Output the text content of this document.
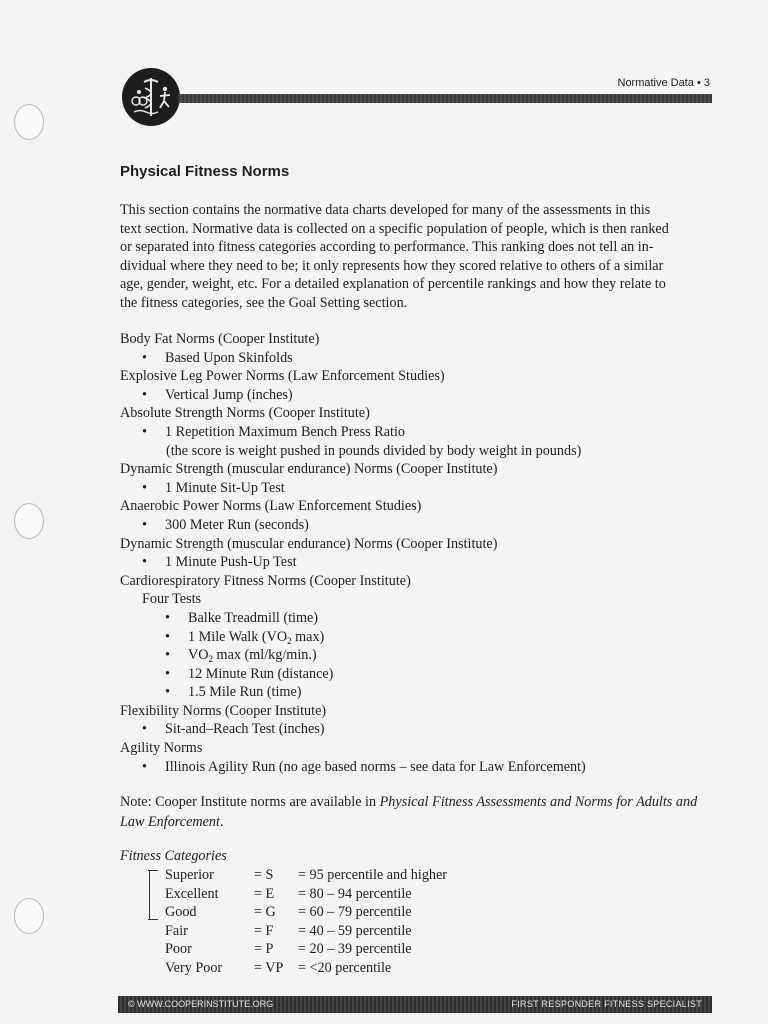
Normative Data • 3
Physical Fitness Norms
This section contains the normative data charts developed for many of the assessments in this
text section. Normative data is collected on a specific population of people, which is then ranked
or separated into fitness categories according to performance. This ranking does not tell an in-
dividual where they need to be; it only represents how they scored relative to others of a similar
age, gender, weight, etc. For a detailed explanation of percentile rankings and how they relate to
the fitness categories, see the Goal Setting section.
Body Fat Norms (Cooper Institute)
• Based Upon Skinfolds
Explosive Leg Power Norms (Law Enforcement Studies)
• Vertical Jump (inches)
Absolute Strength Norms (Cooper Institute)
• 1 Repetition Maximum Bench Press Ratio
(the score is weight pushed in pounds divided by body weight in pounds)
Dynamic Strength (muscular endurance) Norms (Cooper Institute)
• 1 Minute Sit-Up Test
Anaerobic Power Norms (Law Enforcement Studies)
• 300 Meter Run (seconds)
Dynamic Strength (muscular endurance) Norms (Cooper Institute)
• 1 Minute Push-Up Test
Cardiorespiratory Fitness Norms (Cooper Institute)
Four Tests
• Balke Treadmill (time)
• 1 Mile Walk ($VO_2$ max)
• $VO_2$ max (ml/kg/min.)
• 12 Minute Run (distance)
• 1.5 Mile Run (time)
Flexibility Norms (Cooper Institute)
• Sit-and–Reach Test (inches)
Agility Norms
• Illinois Agility Run (no age based norms – see data for Law Enforcement)
Note: Cooper Institute norms are available in Physical Fitness Assessments and Norms for Adults and Law Enforcement.
Fitness Categories
Superior	= S = 95 percentile and higher
Excellent = E = 80 – 94 percentile
Good	= G = 60 – 79 percentile
Fair	= F = 40 – 59 percentile
Poor	= P = 20 – 39 percentile
Very Poor = VP = <20 percentile
© WWW.COOPERINSTITUTE.ORG	FIRST RESPONDER FITNESS SPECIALIST
